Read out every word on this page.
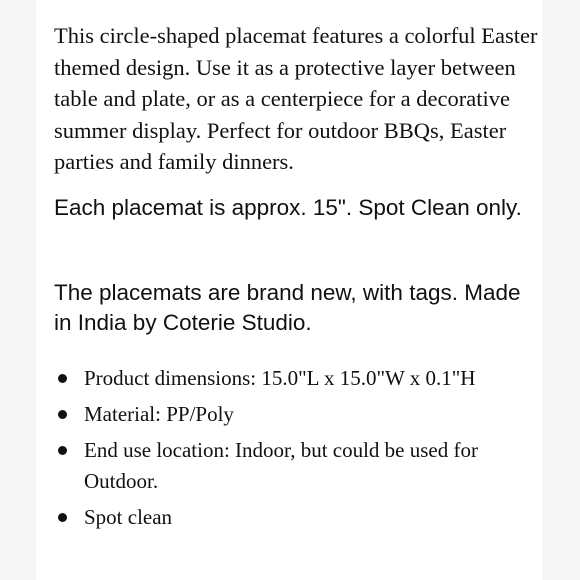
This circle-shaped placemat features a colorful Easter themed design. Use it as a protective layer between table and plate, or as a centerpiece for a decorative summer display. Perfect for outdoor BBQs, Easter parties and family dinners.

Each placemat is approx. 15". Spot Clean only.

The placemats are brand new, with tags. Made in India by Coterie Studio.

Product dimensions: 15.0"L x 15.0"W x 0.1"H
Material: PP/Poly
End use location: Indoor, but could be used for Outdoor.
Spot clean
